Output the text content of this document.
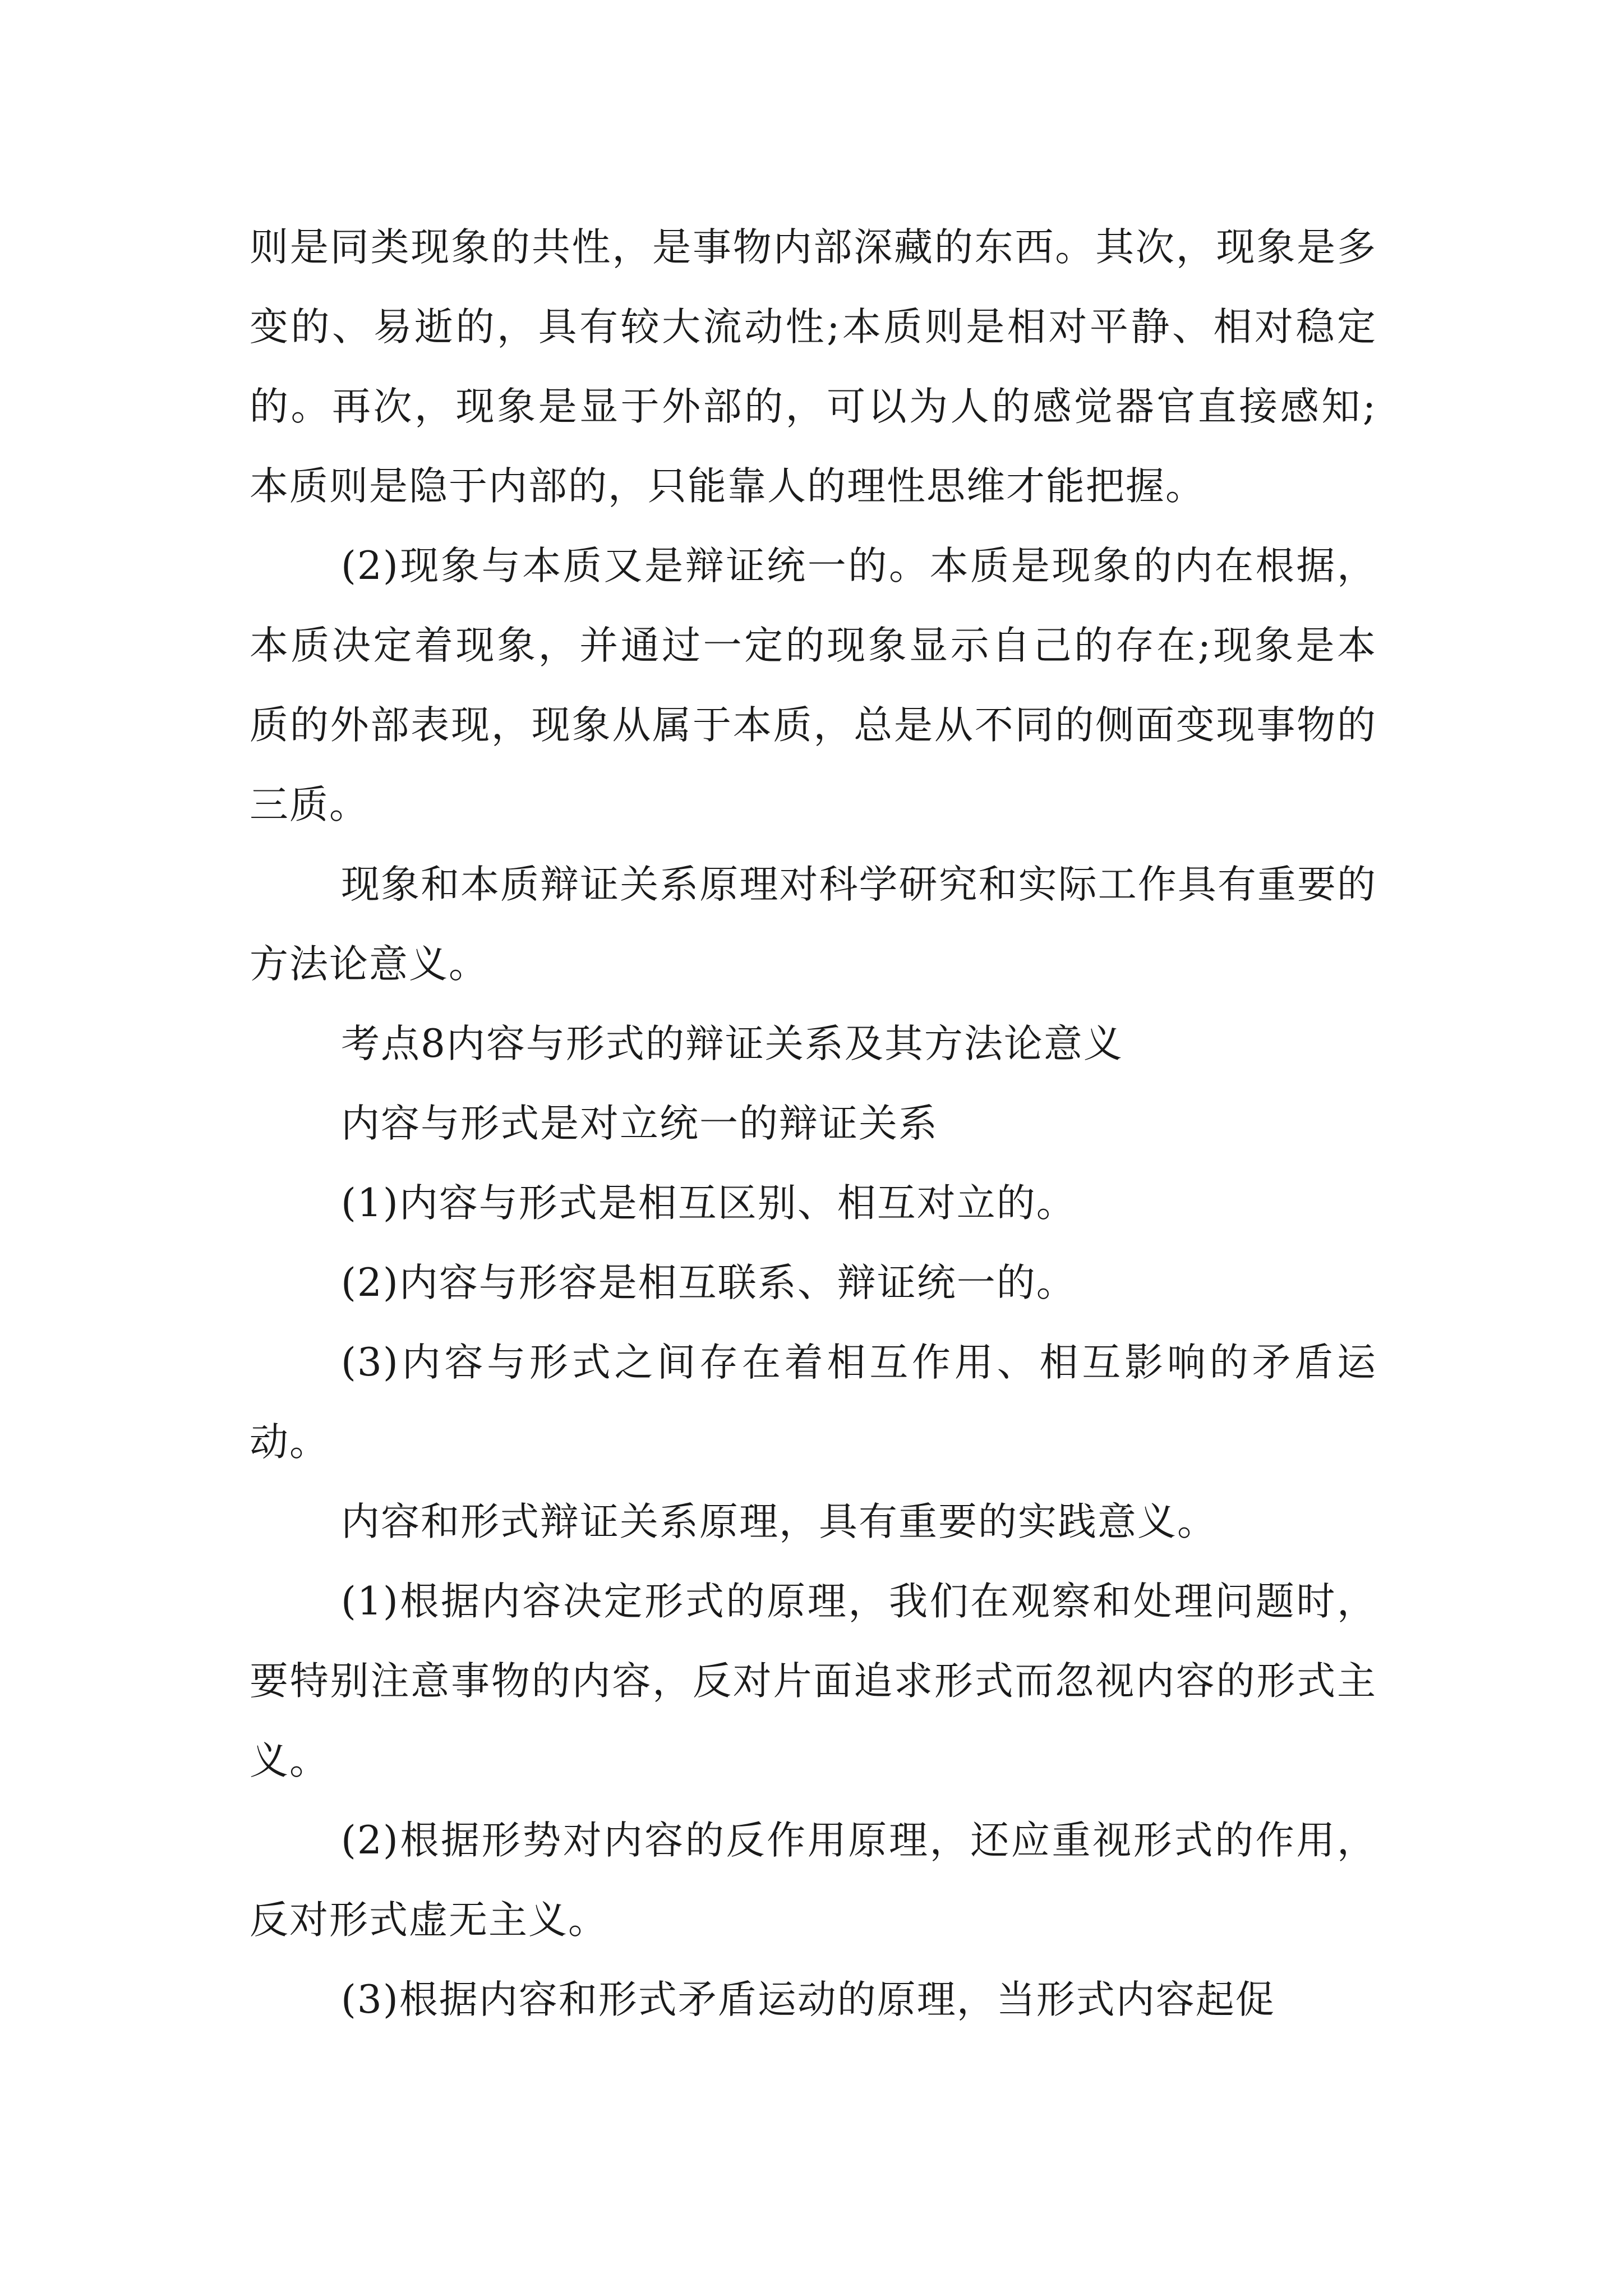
则是同类现象的共性，是事物内部深藏的东西。其次，现象是多变的、易逝的，具有较大流动性;本质则是相对平静、相对稳定的。再次，现象是显于外部的，可以为人的感觉器官直接感知;本质则是隐于内部的，只能靠人的理性思维才能把握。

(2)现象与本质又是辩证统一的。本质是现象的内在根据，本质决定着现象，并通过一定的现象显示自己的存在;现象是本质的外部表现，现象从属于本质，总是从不同的侧面变现事物的三质。

现象和本质辩证关系原理对科学研究和实际工作具有重要的方法论意义。

考点8内容与形式的辩证关系及其方法论意义

内容与形式是对立统一的辩证关系

(1)内容与形式是相互区别、相互对立的。

(2)内容与形容是相互联系、辩证统一的。

(3)内容与形式之间存在着相互作用、相互影响的矛盾运动。

内容和形式辩证关系原理，具有重要的实践意义。

(1)根据内容决定形式的原理，我们在观察和处理问题时，要特别注意事物的内容，反对片面追求形式而忽视内容的形式主义。

(2)根据形势对内容的反作用原理，还应重视形式的作用，反对形式虚无主义。

(3)根据内容和形式矛盾运动的原理，当形式内容起促
